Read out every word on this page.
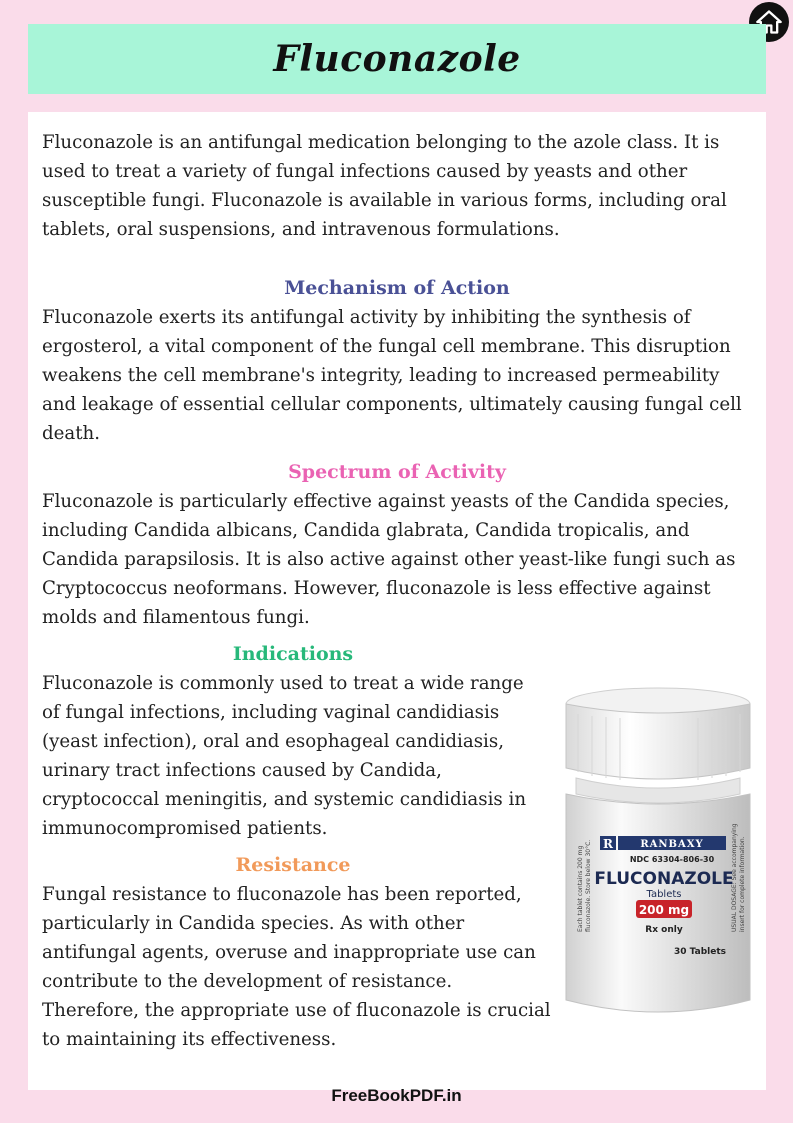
Fluconazole

Fluconazole is an antifungal medication belonging to the azole class. It is used to treat a variety of fungal infections caused by yeasts and other susceptible fungi. Fluconazole is available in various forms, including oral tablets, oral suspensions, and intravenous formulations.

Mechanism of Action

Fluconazole exerts its antifungal activity by inhibiting the synthesis of ergosterol, a vital component of the fungal cell membrane. This disruption weakens the cell membrane's integrity, leading to increased permeability and leakage of essential cellular components, ultimately causing fungal cell death.

Spectrum of Activity

Fluconazole is particularly effective against yeasts of the Candida species, including Candida albicans, Candida glabrata, Candida tropicalis, and Candida parapsilosis. It is also active against other yeast-like fungi such as Cryptococcus neoformans. However, fluconazole is less effective against molds and filamentous fungi.

Indications

Fluconazole is commonly used to treat a wide range of fungal infections, including vaginal candidiasis (yeast infection), oral and esophageal candidiasis, urinary tract infections caused by Candida, cryptococcal meningitis, and systemic candidiasis in immunocompromised patients.

Resistance

Fungal resistance to fluconazole has been reported, particularly in Candida species. As with other antifungal agents, overuse and inappropriate use can contribute to the development of resistance. Therefore, the appropriate use of fluconazole is crucial to maintaining its effectiveness.

Each tablet contains 200 mg fluconazole. Store below 30°C.	USUAL DOSAGE: See accompanying insert for complete information.
R	RANBAXY
NDC 63304-806-30
FLUCONAZOLE
Tablets
200 mg
Rx only
30 Tablets
FreeBookPDF.in
